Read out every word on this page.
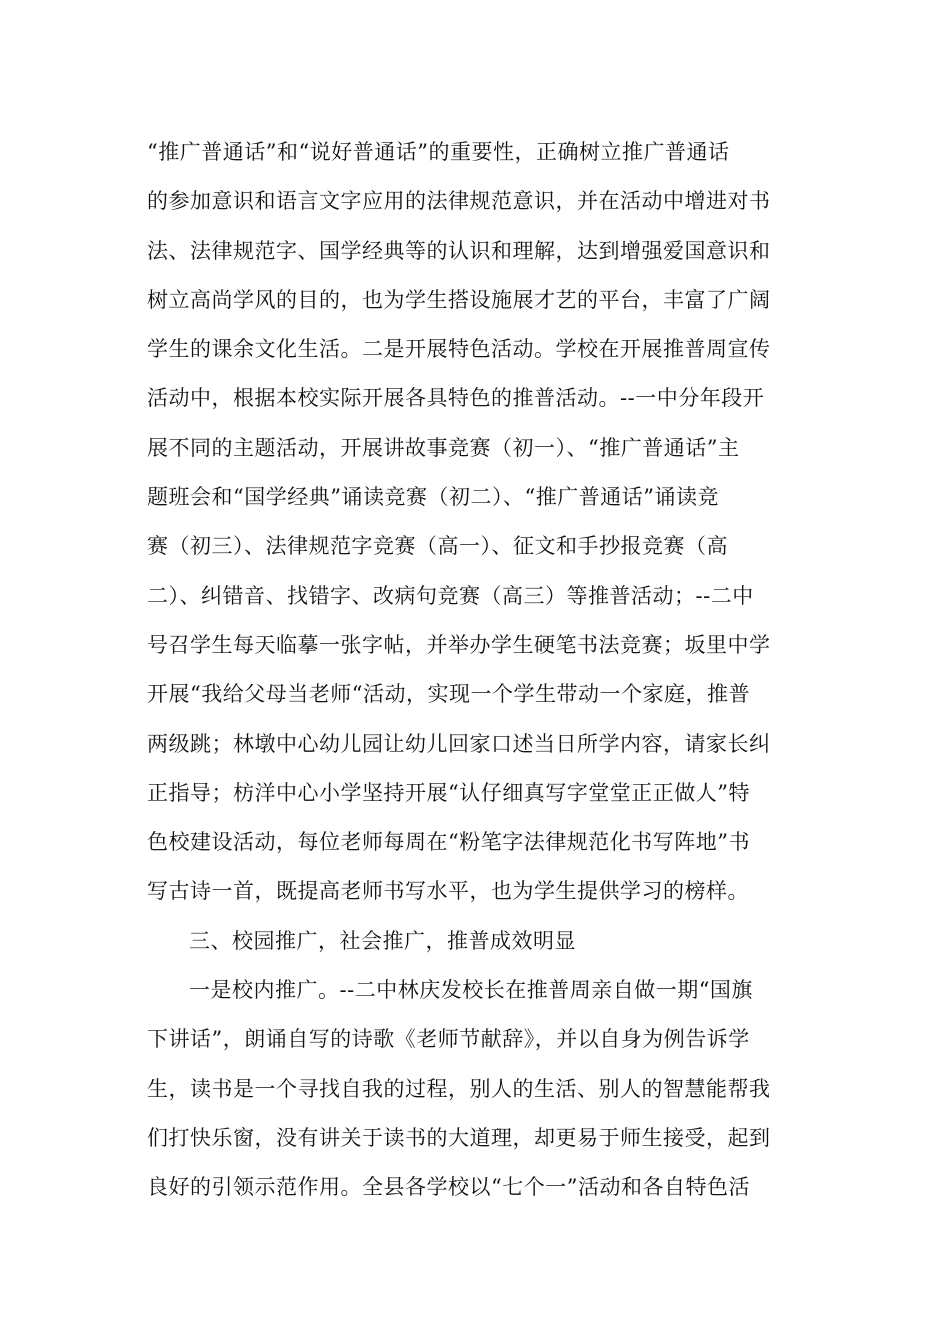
“推广普通话”和“说好普通话”的重要性，正确树立推广普通话
的参加意识和语言文字应用的法律规范意识，并在活动中增进对书
法、法律规范字、国学经典等的认识和理解，达到增强爱国意识和
树立高尚学风的目的，也为学生搭设施展才艺的平台，丰富了广阔
学生的课余文化生活。二是开展特色活动。学校在开展推普周宣传
活动中，根据本校实际开展各具特色的推普活动。--一中分年段开
展不同的主题活动，开展讲故事竞赛（初一）、“推广普通话”主
题班会和“国学经典”诵读竞赛（初二）、“推广普通话”诵读竞
赛（初三）、法律规范字竞赛（高一）、征文和手抄报竞赛（高
二）、纠错音、找错字、改病句竞赛（高三）等推普活动；--二中
号召学生每天临摹一张字帖，并举办学生硬笔书法竞赛；坂里中学
开展“我给父母当老师“活动，实现一个学生带动一个家庭，推普
两级跳；林墩中心幼儿园让幼儿回家口述当日所学内容，请家长纠
正指导；枋洋中心小学坚持开展“认仔细真写字堂堂正正做人”特
色校建设活动，每位老师每周在“粉笔字法律规范化书写阵地”书
写古诗一首，既提高老师书写水平，也为学生提供学习的榜样。
三、校园推广，社会推广，推普成效明显
一是校内推广。--二中林庆发校长在推普周亲自做一期“国旗
下讲话”，朗诵自写的诗歌《老师节献辞》，并以自身为例告诉学
生，读书是一个寻找自我的过程，别人的生活、别人的智慧能帮我
们打快乐窗，没有讲关于读书的大道理，却更易于师生接受，起到
良好的引领示范作用。全县各学校以“七个一”活动和各自特色活
